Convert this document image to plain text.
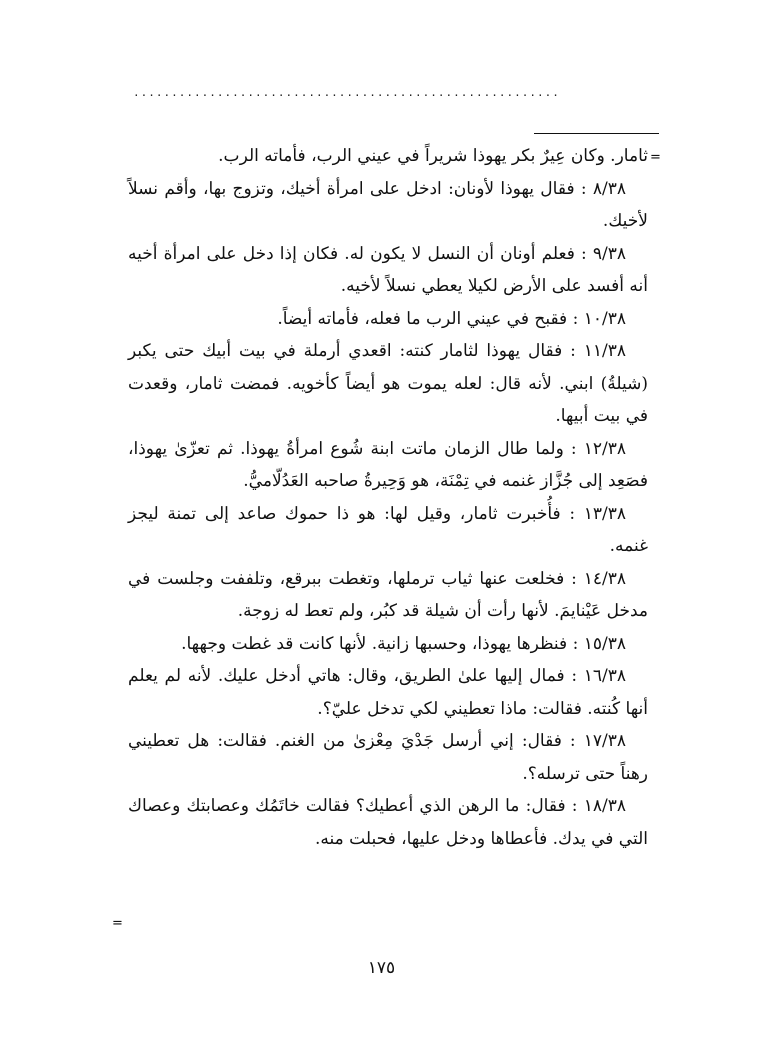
........................................................
=

ثامار. وكان عِيرٌ بكر يهوذا شريراً في عيني الرب، فأماته الرب.

٨/٣٨ : فقال يهوذا لأونان: ادخل على امرأة أخيك، وتزوج بها، وأقم نسلاً لأخيك.

٩/٣٨ : فعلم أونان أن النسل لا يكون له. فكان إذا دخل على امرأة أخيه أنه أفسد على الأرض لكيلا يعطي نسلاً لأخيه.

١٠/٣٨ : فقبح في عيني الرب ما فعله، فأماته أيضاً.

١١/٣٨ : فقال يهوذا لثامار كنته: اقعدي أرملة في بيت أبيك حتى يكبر (شيلةُ) ابني. لأنه قال: لعله يموت هو أيضاً كأخويه. فمضت ثامار، وقعدت في بيت أبيها.

١٢/٣٨ : ولما طال الزمان ماتت ابنة شُوع امرأةُ يهوذا. ثم تعزّىٰ يهوذا، فصَعِد إلى جُزَّاز غنمه في تِمْنَة، هو وَحِيرةُ صاحبه العَدُلّاميُّ.

١٣/٣٨ : فأُخبرت ثامار، وقيل لها: هو ذا حموك صاعد إلى تمنة ليجز غنمه.

١٤/٣٨ : فخلعت عنها ثياب ترملها، وتغطت ببرقع، وتلففت وجلست في مدخل عَيْنايمَ. لأنها رأت أن شيلة قد كبُر، ولم تعط له زوجة.

١٥/٣٨ : فنظرها يهوذا، وحسبها زانية. لأنها كانت قد غطت وجهها.

١٦/٣٨ : فمال إليها علىٰ الطريق، وقال: هاتي أدخل عليك. لأنه لم يعلم أنها كُنته. فقالت: ماذا تعطيني لكي تدخل عليّ؟.

١٧/٣٨ : فقال: إني أرسل جَدْيَ مِعْزىٰ من الغنم. فقالت: هل تعطيني رهناً حتى ترسله؟.

١٨/٣٨ : فقال: ما الرهن الذي أعطيك؟ فقالت خاتَمُك وعصابتك وعصاك التي في يدك. فأعطاها ودخل عليها، فحبلت منه.

=
١٧٥
